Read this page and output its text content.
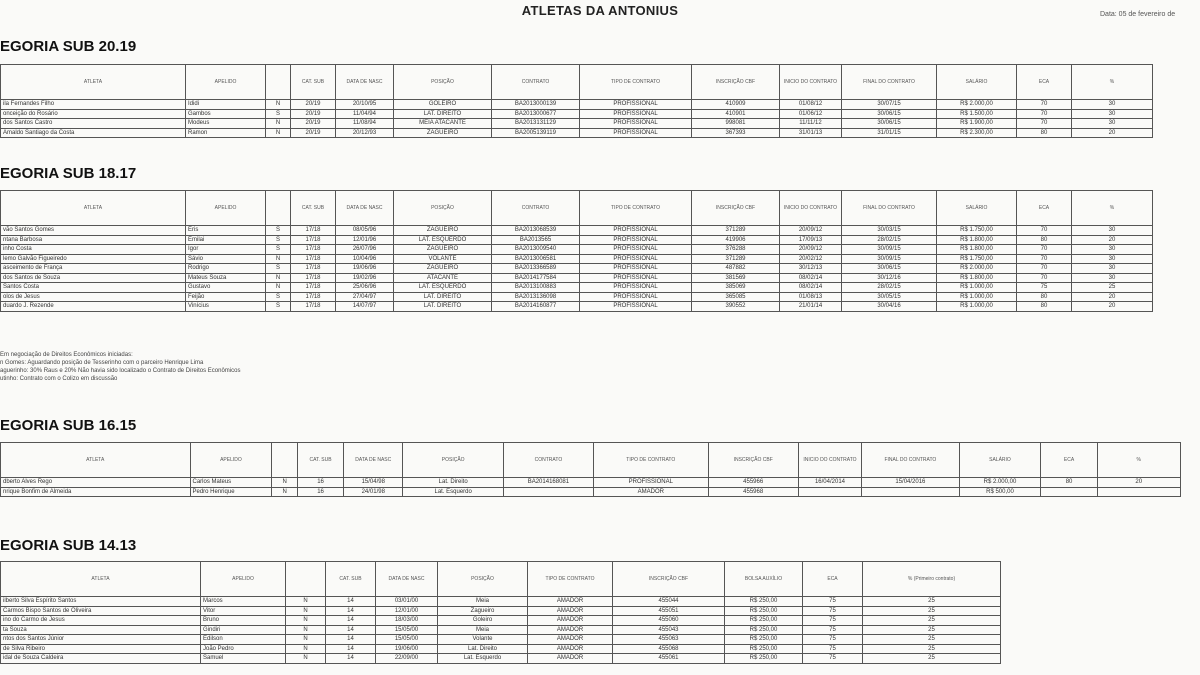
ATLETAS DA ANTONIUS	Data: 05 de fevereiro de
EGORIA SUB 20.19
ATLETA	APELIDO		CAT. SUB	DATA DE NASC	POSIÇÃO	CONTRATO	TIPO DE CONTRATO	INSCRIÇÃO CBF	INICIO DO CONTRATO	FINAL DO CONTRATO	SALÁRIO	ECA	%
ila Fernandes Filho	Ididi	N	20/19	20/10/95	GOLEIRO	BA2013000139	PROFISSIONAL	410909	01/08/12	30/07/15	R$ 2.000,00	70	30
onceição do Rosário	Gambos	S	20/19	11/04/94	LAT. DIREITO	BA2013000677	PROFISSIONAL	410901	01/06/12	30/06/15	R$ 1.500,00	70	30
dos Santos Castro	Modeus	N	20/19	11/08/94	MEIA ATACANTE	BA2013131129	PROFISSIONAL	998081	11/11/12	30/06/15	R$ 1.900,00	70	30
Amaldo Santiago da Costa	Ramon	N	20/19	20/12/93	ZAGUEIRO	BA2005139119	PROFISSIONAL	367393	31/01/13	31/01/15	R$ 2.300,00	80	20
EGORIA SUB 18.17
ATLETA	APELIDO		CAT. SUB	DATA DE NASC	POSIÇÃO	CONTRATO	TIPO DE CONTRATO	INSCRIÇÃO CBF	INICIO DO CONTRATO	FINAL DO CONTRATO	SALÁRIO	ECA	%
vão Santos Gomes	Eris	S	17/18	08/05/96	ZAGUEIRO	BA2013068539	PROFISSIONAL	371289	20/09/12	30/03/15	R$ 1.750,00	70	30
ntana Barbosa	Emilai	S	17/18	12/01/96	LAT. ESQUERDO	BA2013565	PROFISSIONAL	419906	17/09/13	28/02/15	R$ 1.800,00	80	20
inho Costa	Igor	S	17/18	26/07/96	ZAGUEIRO	BA2013009540	PROFISSIONAL	376288	20/09/12	30/09/15	R$ 1.800,00	70	30
lemo Galvão Figueiredo	Sávio	N	17/18	10/04/96	VOLANTE	BA2013006581	PROFISSIONAL	371289	20/02/12	30/09/15	R$ 1.750,00	70	30
asceimento de França	Rodrigo	S	17/18	19/06/96	ZAGUEIRO	BA2013366589	PROFISSIONAL	487882	30/12/13	30/06/15	R$ 2.000,00	70	30
dos Santos de Souza	Mateus Souza	N	17/18	19/02/96	ATACANTE	BA2014177584	PROFISSIONAL	381569	08/02/14	30/12/16	R$ 1.800,00	70	30
Santos Costa	Gustavo	N	17/18	25/06/96	LAT. ESQUERDO	BA2013100883	PROFISSIONAL	385069	08/02/14	28/02/15	R$ 1.000,00	75	25
olos de Jesus	Feijão	S	17/18	27/04/97	LAT. DIREITO	BA2013136098	PROFISSIONAL	365085	01/08/13	30/05/15	R$ 1.000,00	80	20
duardo J. Rezende	Vinícius	S	17/18	14/07/97	LAT. DIREITO	BA2014160877	PROFISSIONAL	390552	21/01/14	30/04/16	R$ 1.000,00	80	20
Em negociação de Direitos Econômicos iniciadas:
n Gomes: Aguardando posição de Tesserinho com o parceiro Henrique Lima
aguerinho: 30% Raus e 20% Não havia sido localizado o Contrato de Direitos Econômicos
utinho: Contrato com o Colizo em discussão
EGORIA SUB 16.15
ATLETA	APELIDO		CAT. SUB	DATA DE NASC	POSIÇÃO	CONTRATO	TIPO DE CONTRATO	INSCRIÇÃO CBF	INICIO DO CONTRATO	FINAL DO CONTRATO	SALÁRIO	ECA	%
dberto Alves Rego	Carlos Mateus	N	16	15/04/98	Lat. Direito	BA2014168081	PROFISSIONAL	455966	16/04/2014	15/04/2016	R$ 2.000,00	80	20
nrique Bonfim de Almeida	Pedro Henrique	N	16	24/01/98	Lat. Esquerdo		AMADOR	455968			R$ 500,00		
EGORIA SUB 14.13
ATLETA	APELIDO		CAT. SUB	DATA DE NASC	POSIÇÃO	TIPO DE CONTRATO	INSCRIÇÃO CBF	BOLSA AUXÍLIO	ECA	% (Primeiro contrato)
ilberto Silva Espírito Santos	Marcos	N	14	03/01/00	Meia	AMADOR	455044	R$ 250,00	75	25
Carmos Bispo Santos de Oliveira	Vitor	N	14	12/01/00	Zagueiro	AMADOR	455051	R$ 250,00	75	25
ino do Carmo de Jesus	Bruno	N	14	18/03/00	Goleiro	AMADOR	455060	R$ 250,00	75	25
ta Souza	Gindiri	N	14	15/05/00	Meia	AMADOR	455043	R$ 250,00	75	25
ntos dos Santos Júnior	Edilson	N	14	15/05/00	Volante	AMADOR	455063	R$ 250,00	75	25
de Silva Ribeiro	João Pedro	N	14	19/06/00	Lat. Direito	AMADOR	455068	R$ 250,00	75	25
idal de Souza Caldeira	Samuel	N	14	22/09/00	Lat. Esquerdo	AMADOR	455061	R$ 250,00	75	25
